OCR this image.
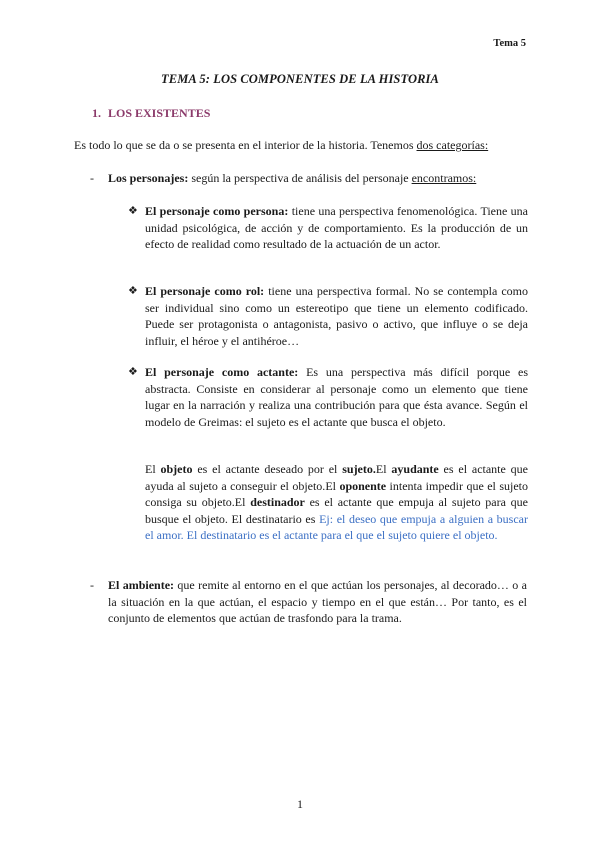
Tema 5
TEMA 5: LOS COMPONENTES DE LA HISTORIA
1. LOS EXISTENTES
Es todo lo que se da o se presenta en el interior de la historia. Tenemos dos categorías:
-	Los personajes: según la perspectiva de análisis del personaje encontramos:
❖ El personaje como persona: tiene una perspectiva fenomenológica. Tiene una unidad psicológica, de acción y de comportamiento. Es la producción de un efecto de realidad como resultado de la actuación de un actor.
❖ El personaje como rol: tiene una perspectiva formal. No se contempla como ser individual sino como un estereotipo que tiene un elemento codificado. Puede ser protagonista o antagonista, pasivo o activo, que influye o se deja influir, el héroe y el antihéroe…
❖ El personaje como actante: Es una perspectiva más difícil porque es abstracta. Consiste en considerar al personaje como un elemento que tiene lugar en la narración y realiza una contribución para que ésta avance. Según el modelo de Greimas: el sujeto es el actante que busca el objeto.
El objeto es el actante deseado por el sujeto.El ayudante es el actante que ayuda al sujeto a conseguir el objeto.El oponente intenta impedir que el sujeto consiga su objeto.El destinador es el actante que empuja al sujeto para que busque el objeto. El destinatario es Ej: el deseo que empuja a alguien a buscar el amor. El destinatario es el actante para el que el sujeto quiere el objeto.
-	El ambiente: que remite al entorno en el que actúan los personajes, al decorado… o a la situación en la que actúan, el espacio y tiempo en el que están… Por tanto, es el conjunto de elementos que actúan de trasfondo para la trama.
1
